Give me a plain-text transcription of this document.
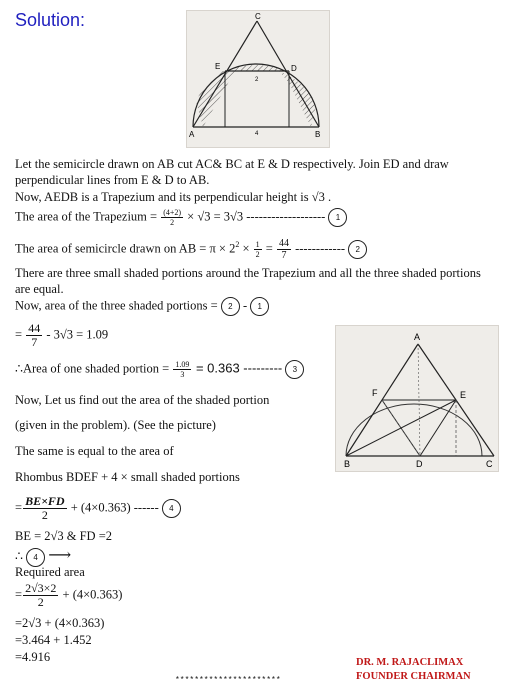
Solution:	C
E	D
A	B
2
4
Let the semicircle drawn on AB cut AC& BC at E & D respectively. Join ED and draw
perpendicular lines from E & D to AB.
Now, AEDB is a Trapezium and its perpendicular height is √3 .
The area of the Trapezium = $\frac{(4+2)}{2} \times √3 = 3√3$ ------------------- 1
The area of semicircle drawn on AB = $\pi \times 2^2 \times \frac{1}{2} = \frac{44}{7}$ ------------ 2
There are three small shaded portions around the Trapezium and all the three shaded portions
are equal.
Now, area of the three shaded portions = 2 - 1
= $\frac{44}{7} - 3√3 = 1.09$
∴Area of one shaded portion = $\frac{1.09}{3} = 0.363$ --------- 3
Now, Let us find out the area of the shaded portion
(given in the problem). (See the picture)
The same is equal to the area of
Rhombus BDEF + 4 × small shaded portions
= $\frac{BE\times FD}{2} + (4\times 0.363)$ ------ 4
BE = 2√3 & FD =2
∴ 4 ⟶
Required area
= $\frac{2√3\times 2}{2} + (4\times 0.363)$
=2√3 + (4×0.363)
=3.464 + 1.452
=4.916
A
F	E
B	D	C
DR. M. RAJACLIMAX
FOUNDER CHAIRMAN
**********************
